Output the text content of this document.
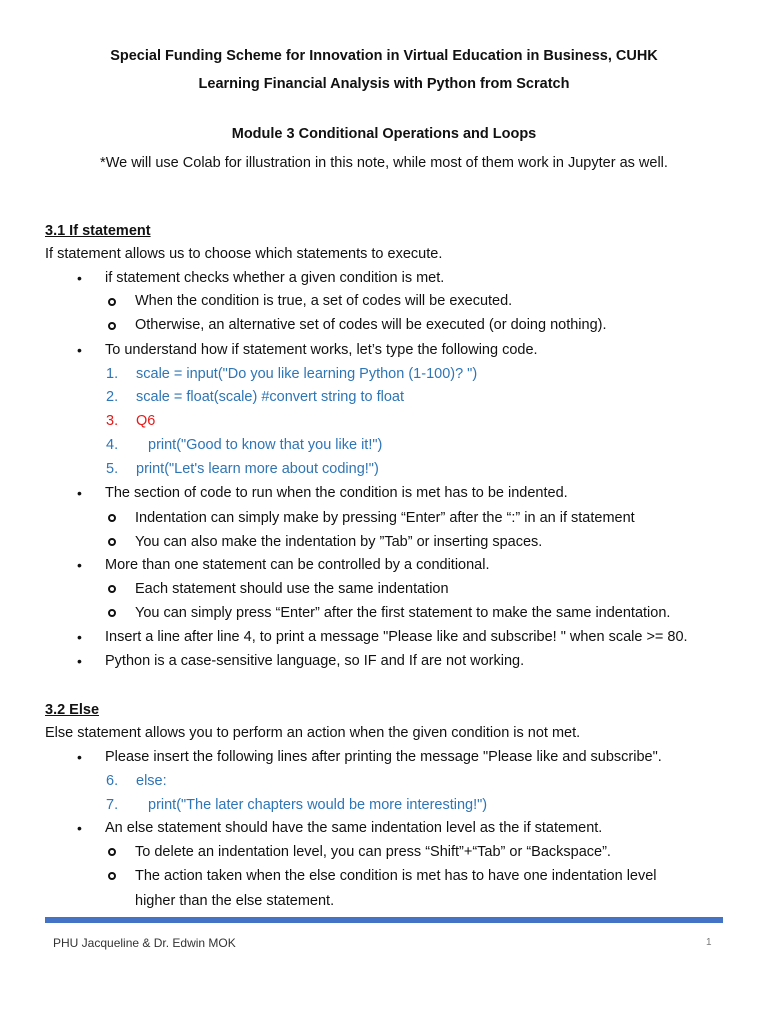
Special Funding Scheme for Innovation in Virtual Education in Business, CUHK
Learning Financial Analysis with Python from Scratch
Module 3 Conditional Operations and Loops
*We will use Colab for illustration in this note, while most of them work in Jupyter as well.
3.1 If statement
If statement allows us to choose which statements to execute.
• if statement checks whether a given condition is met.
When the condition is true, a set of codes will be executed.
Otherwise, an alternative set of codes will be executed (or doing nothing).
• To understand how if statement works, let’s type the following code.
1. scale = input("Do you like learning Python (1-100)? ")
2. scale = float(scale) #convert string to float
3. Q6
4. print("Good to know that you like it!")
5. print("Let's learn more about coding!")
• The section of code to run when the condition is met has to be indented.
Indentation can simply make by pressing “Enter” after the “:” in an if statement
You can also make the indentation by ”Tab” or inserting spaces.
• More than one statement can be controlled by a conditional.
Each statement should use the same indentation
You can simply press “Enter” after the first statement to make the same indentation.
• Insert a line after line 4, to print a message "Please like and subscribe! " when scale >= 80.
• Python is a case-sensitive language, so IF and If are not working.
3.2 Else
Else statement allows you to perform an action when the given condition is not met.
• Please insert the following lines after printing the message "Please like and subscribe".
6. else:
7. print("The later chapters would be more interesting!")
• An else statement should have the same indentation level as the if statement.
To delete an indentation level, you can press “Shift”+“Tab” or “Backspace”.
The action taken when the else condition is met has to have one indentation level
higher than the else statement.
PHU Jacqueline & Dr. Edwin MOK	1
